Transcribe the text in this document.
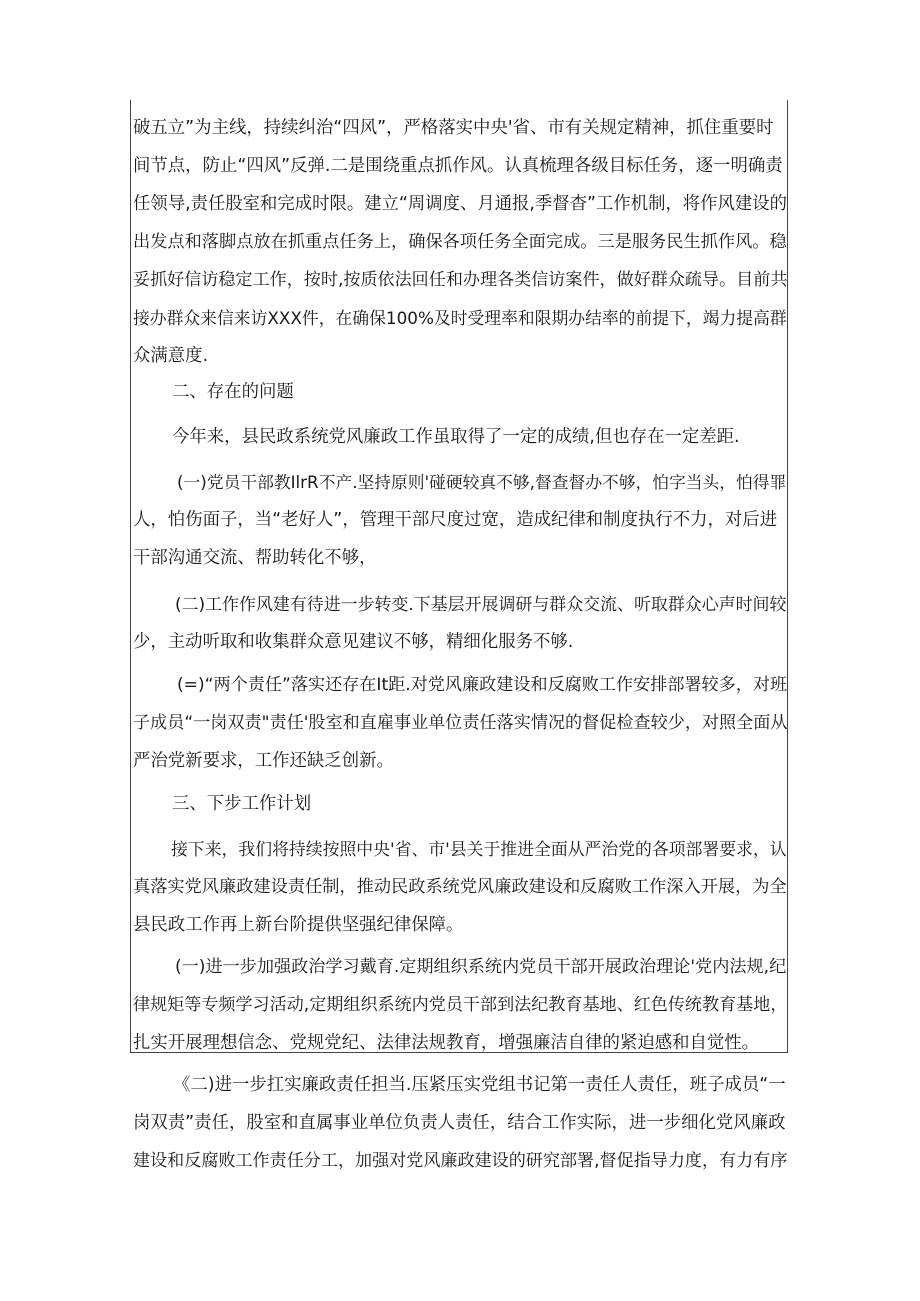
破五立”为主线，持续纠治“四风”，严格落实中央'省、市有关规定精神，抓住重要时
间节点，防止“四风”反弹.二是围绕重点抓作风。认真梳理各级目标任务，逐一明确责
任领导,责任股室和完成时限。建立“周调度、月通报,季督杳”工作机制，将作风建设的
出发点和落脚点放在抓重点任务上，确保各项任务全面完成。三是服务民生抓作风。稳
妥抓好信访稳定工作，按时,按质依法回任和办理各类信访案件，做好群众疏导。目前共
接办群众来信来访XXX件，在确保100%及时受理率和限期办结率的前提下，竭力提高群
众满意度.
二、存在的问题
今年来，县民政系统党风廉政工作虽取得了一定的成绩,但也存在一定差距.
(一)党员干部教IlrR不产.坚持原则'碰硬较真不够,督查督办不够，怕字当头，怕得罪
人，怕伤面子，当“老好人”，管理干部尺度过宽，造成纪律和制度执行不力，对后进
干部沟通交流、帮助转化不够，
(二)工作作风建有待进一步转变.下基层开展调研与群众交流、听取群众心声时间较
少，主动听取和收集群众意见建议不够，精细化服务不够.
(=)“两个责任”落实还存在It距.对党风廉政建设和反腐败工作安排部署较多，对班
子成员“一岗双责"责任'股室和直雇事业单位责任落实情况的督促检查较少，对照全面从
严治党新要求，工作还缺乏创新。
三、下步工作计划
接下来，我们将持续按照中央'省、市'县关于推进全面从严治党的各项部署要求，认
真落实党风廉政建设责任制，推动民政系统党风廉政建设和反腐败工作深入开展，为全
县民政工作再上新台阶提供坚强纪律保障。
(一)进一步加强政治学习戴育.定期组织系统内党员干部开展政治理论'党内法规,纪
律规矩等专频学习活动,定期组织系统内党员干部到法纪教育基地、红色传统教育基地，
扎实开展理想信念、党规党纪、法律法规教育，增强廉洁自律的紧迫感和自觉性。
《二)进一步扛实廉政责任担当.压紧压实党组书记第一责任人责任，班子成员“一
岗双责”责任，股室和直属事业单位负责人责任，结合工作实际，进一步细化党风廉政
建设和反腐败工作责任分工，加强对党风廉政建设的研究部署,督促指导力度，有力有序
